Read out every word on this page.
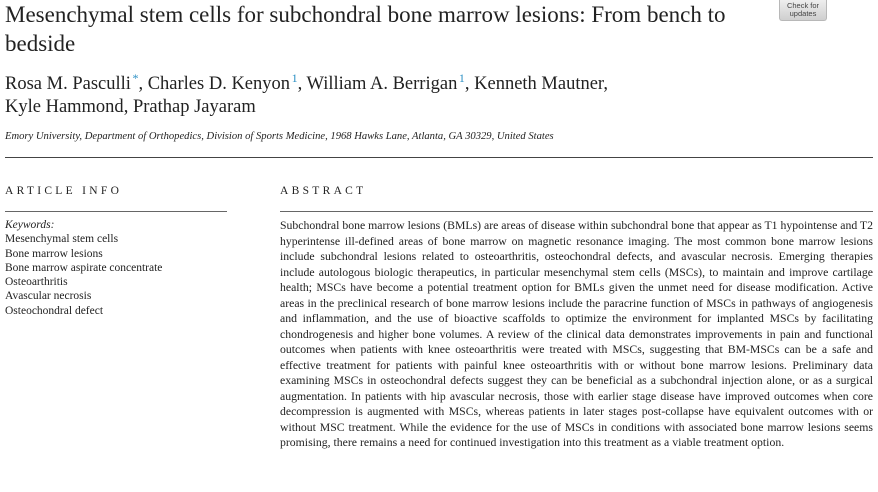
Mesenchymal stem cells for subchondral bone marrow lesions: From bench to bedside
Check for
updates
Rosa M. Pasculli  *, Charles D. Kenyon  $^1$, William A. Berrigan  $^1$, Kenneth Mautner,
Kyle Hammond, Prathap Jayaram
Emory University, Department of Orthopedics, Division of Sports Medicine, 1968 Hawks Lane, Atlanta, GA 30329, United States
ARTICLE INFO	ABSTRACT
Keywords:
Mesenchymal stem cells
Bone marrow lesions
Bone marrow aspirate concentrate
Osteoarthritis
Avascular necrosis
Osteochondral defect
Subchondral bone marrow lesions (BMLs) are areas of disease within subchondral bone that appear as T1 hypointense and T2 hyperintense ill-defined areas of bone marrow on magnetic resonance imaging. The most common bone marrow lesions include subchondral lesions related to osteoarthritis, osteochondral defects, and avascular necrosis. Emerging therapies include autologous biologic therapeutics, in particular mesenchymal stem cells (MSCs), to maintain and improve cartilage health; MSCs have become a potential treatment option for BMLs given the unmet need for disease modification. Active areas in the preclinical research of bone marrow lesions include the paracrine function of MSCs in pathways of angiogenesis and inflammation, and the use of bioactive scaffolds to optimize the environment for implanted MSCs by facilitating chondrogenesis and higher bone volumes. A review of the clinical data demonstrates improvements in pain and functional outcomes when patients with knee osteoarthritis were treated with MSCs, suggesting that BM-MSCs can be a safe and effective treatment for patients with painful knee osteoarthritis with or without bone marrow lesions. Preliminary data examining MSCs in osteochondral defects suggest they can be beneficial as a subchondral injection alone, or as a surgical augmentation. In patients with hip avascular necrosis, those with earlier stage disease have improved outcomes when core decompression is augmented with MSCs, whereas patients in later stages post-collapse have equivalent outcomes with or without MSC treatment. While the evidence for the use of MSCs in conditions with associated bone marrow lesions seems promising, there remains a need for continued investigation into this treatment as a viable treatment option.
